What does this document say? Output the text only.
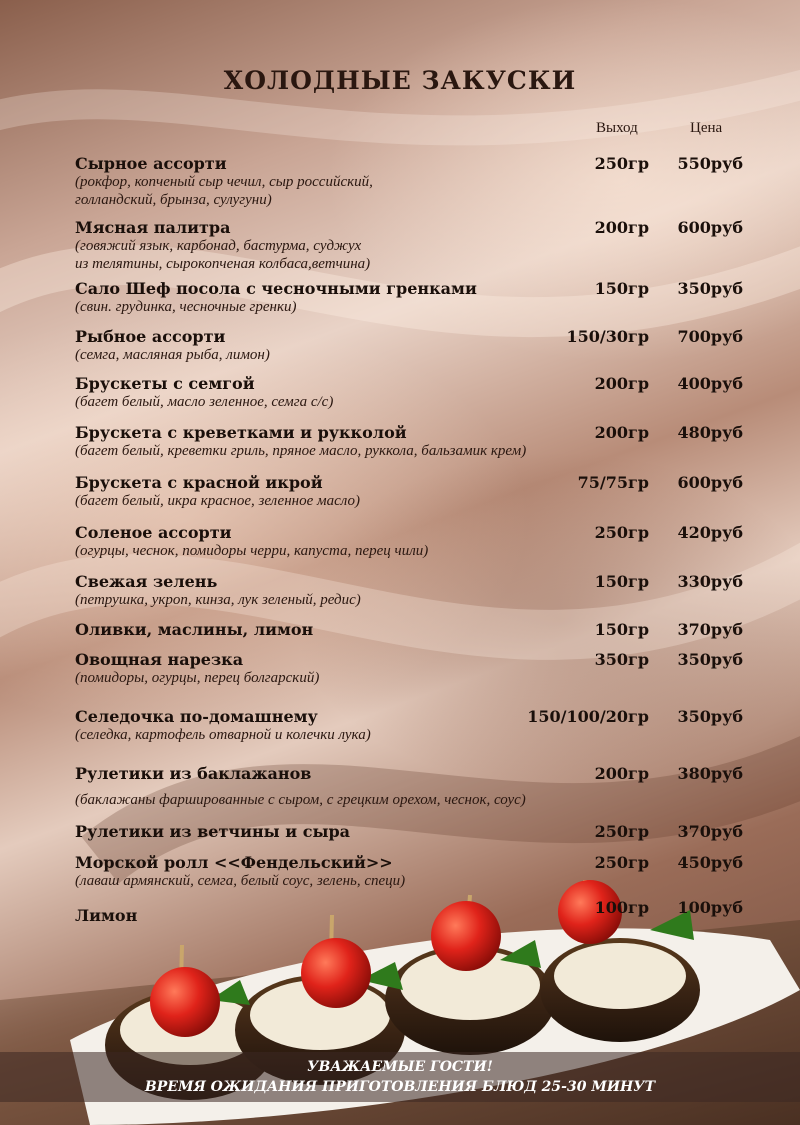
ХОЛОДНЫЕ ЗАКУСКИ
Выход	Цена
Сырное ассорти
(рокфор, копченый сыр чечил, сыр российский,
голландский, брынза, сулугуни)
250гр 550руб
Мясная палитра
(говяжий язык, карбонад, бастурма, суджух
из телятины, сырокопченая колбаса,ветчина)
200гр 600руб
Сало Шеф посола с чесночными гренками
(свин. грудинка, чесночные гренки)
150гр 350руб
Рыбное ассорти
(семга, масляная рыба, лимон)
150/30гр 700руб
Брускеты с семгой
(багет белый, масло зеленное, семга с/с)
200гр 400руб
Брускета с креветками и рукколой
(багет белый, креветки гриль, пряное масло, руккола, бальзамик крем)
200гр 480руб
Брускета с красной икрой
(багет белый, икра красное, зеленное масло)
75/75гр 600руб
Соленое ассорти
(огурцы, чеснок, помидоры черри, капуста, перец чили)
250гр 420руб
Свежая зелень
(петрушка, укроп, кинза, лук зеленый, редис)
150гр 330руб
Оливки, маслины, лимон	150гр 370руб
Овощная нарезка
(помидоры, огурцы, перец болгарский)
350гр 350руб
Селедочка по-домашнему
(селедка, картофель отварной и колечки лука)
150/100/20гр 350руб
Рулетики из баклажанов
(баклажаны фаршированные с сыром, с грецким орехом, чеснок, соус)
200гр 380руб
Рулетики из ветчины и сыра	250гр 370руб
Морской ролл <<Фендельский>>
(лаваш армянский, семга, белый соус, зелень, специ)
250гр 450руб
Лимон	100гр 100руб
УВАЖАЕМЫЕ ГОСТИ!
ВРЕМЯ ОЖИДАНИЯ ПРИГОТОВЛЕНИЯ БЛЮД 25-30 МИНУТ
